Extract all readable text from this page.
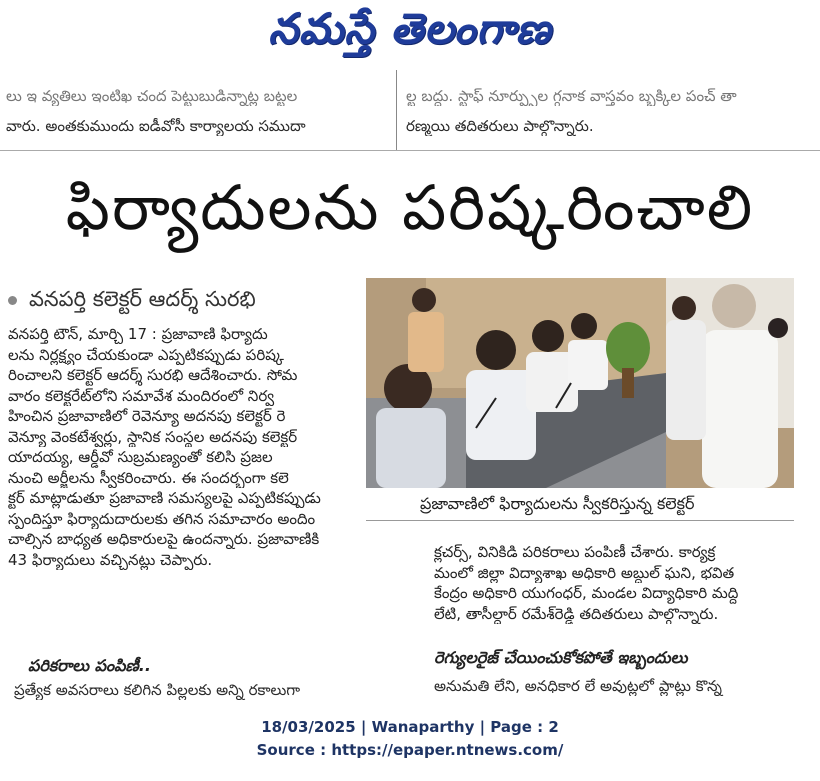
నమస్తే తెలంగాణ
లు ఇ వ్యతిలు ఇంటిఖ చంద పెట్టుబుడిన్నాట్ల బట్టల
వారు. అంతకుముందు ఐడీవోసీ కార్యాలయ సముదా
ల్ట బద్దు. స్టాఫ్ నూర్ప్పుల గ్గనాక వాస్తవం బ్బక్కిల పంచ్ తా
రణ్మయి తదితరులు పాల్గొన్నారు.
ఫిర్యాదులను పరిష్కరించాలి
వనపర్తి కలెక్టర్ ఆదర్శ్ సురభి

వనపర్తి టౌన్, మార్చి 17 : ప్రజావాణి ఫిర్యాదు

లను నిర్లక్ష్యం చేయకుండా ఎప్పటికప్పుడు పరిష్క

రించాలని కలెక్టర్ ఆదర్శ్ సురభి ఆదేశించారు. సోమ

వారం కలెక్టరేట్‌లోని సమావేశ మందిరంలో నిర్వ

హించిన ప్రజావాణిలో రెవెన్యూ అదనపు కలెక్టర్ రె

వెన్యూ వెంకటేశ్వర్లు, స్థానిక సంస్థల అదనపు కలెక్టర్

యాదయ్య, ఆర్డీవో సుబ్రమణ్యంతో కలిసి ప్రజల

నుంచి అర్జీలను స్వీకరించారు. ఈ సందర్భంగా కలె

క్టర్ మాట్లాడుతూ ప్రజావాణి సమస్యలపై ఎప్పటికప్పుడు

స్పందిస్తూ ఫిర్యాదుదారులకు తగిన సమాచారం అందిం

చాల్సిన బాధ్యత అధికారులపై ఉందన్నారు. ప్రజావాణికి

43 ఫిర్యాదులు వచ్చినట్లు చెప్పారు.

ప్రజావాణిలో ఫిర్యాదులను స్వీకరిస్తున్న కలెక్టర్

క్లచర్స్, వినికిడి పరికరాలు పంపిణీ చేశారు. కార్యక్ర

మంలో జిల్లా విద్యాశాఖ అధికారి అబ్దుల్ ఘని, భవిత

కేంద్రం అధికారి యుగంధర్, మండల విద్యాధికారి మద్ది

లేటి, తాసీల్దార్ రమేశ్‌రెడ్డి తదితరులు పాల్గొన్నారు.

పరికరాలు పంపిణీ..
ప్రత్యేక అవసరాలు కలిగిన పిల్లలకు అన్ని రకాలుగా
రెగ్యులరైజ్ చేయించుకోకపోతే ఇబ్బందులు
అనుమతి లేని, అనధికార లే అవుట్లలో ప్లాట్లు కొన్న
18/03/2025 | Wanaparthy | Page : 2
Source : https://epaper.ntnews.com/
